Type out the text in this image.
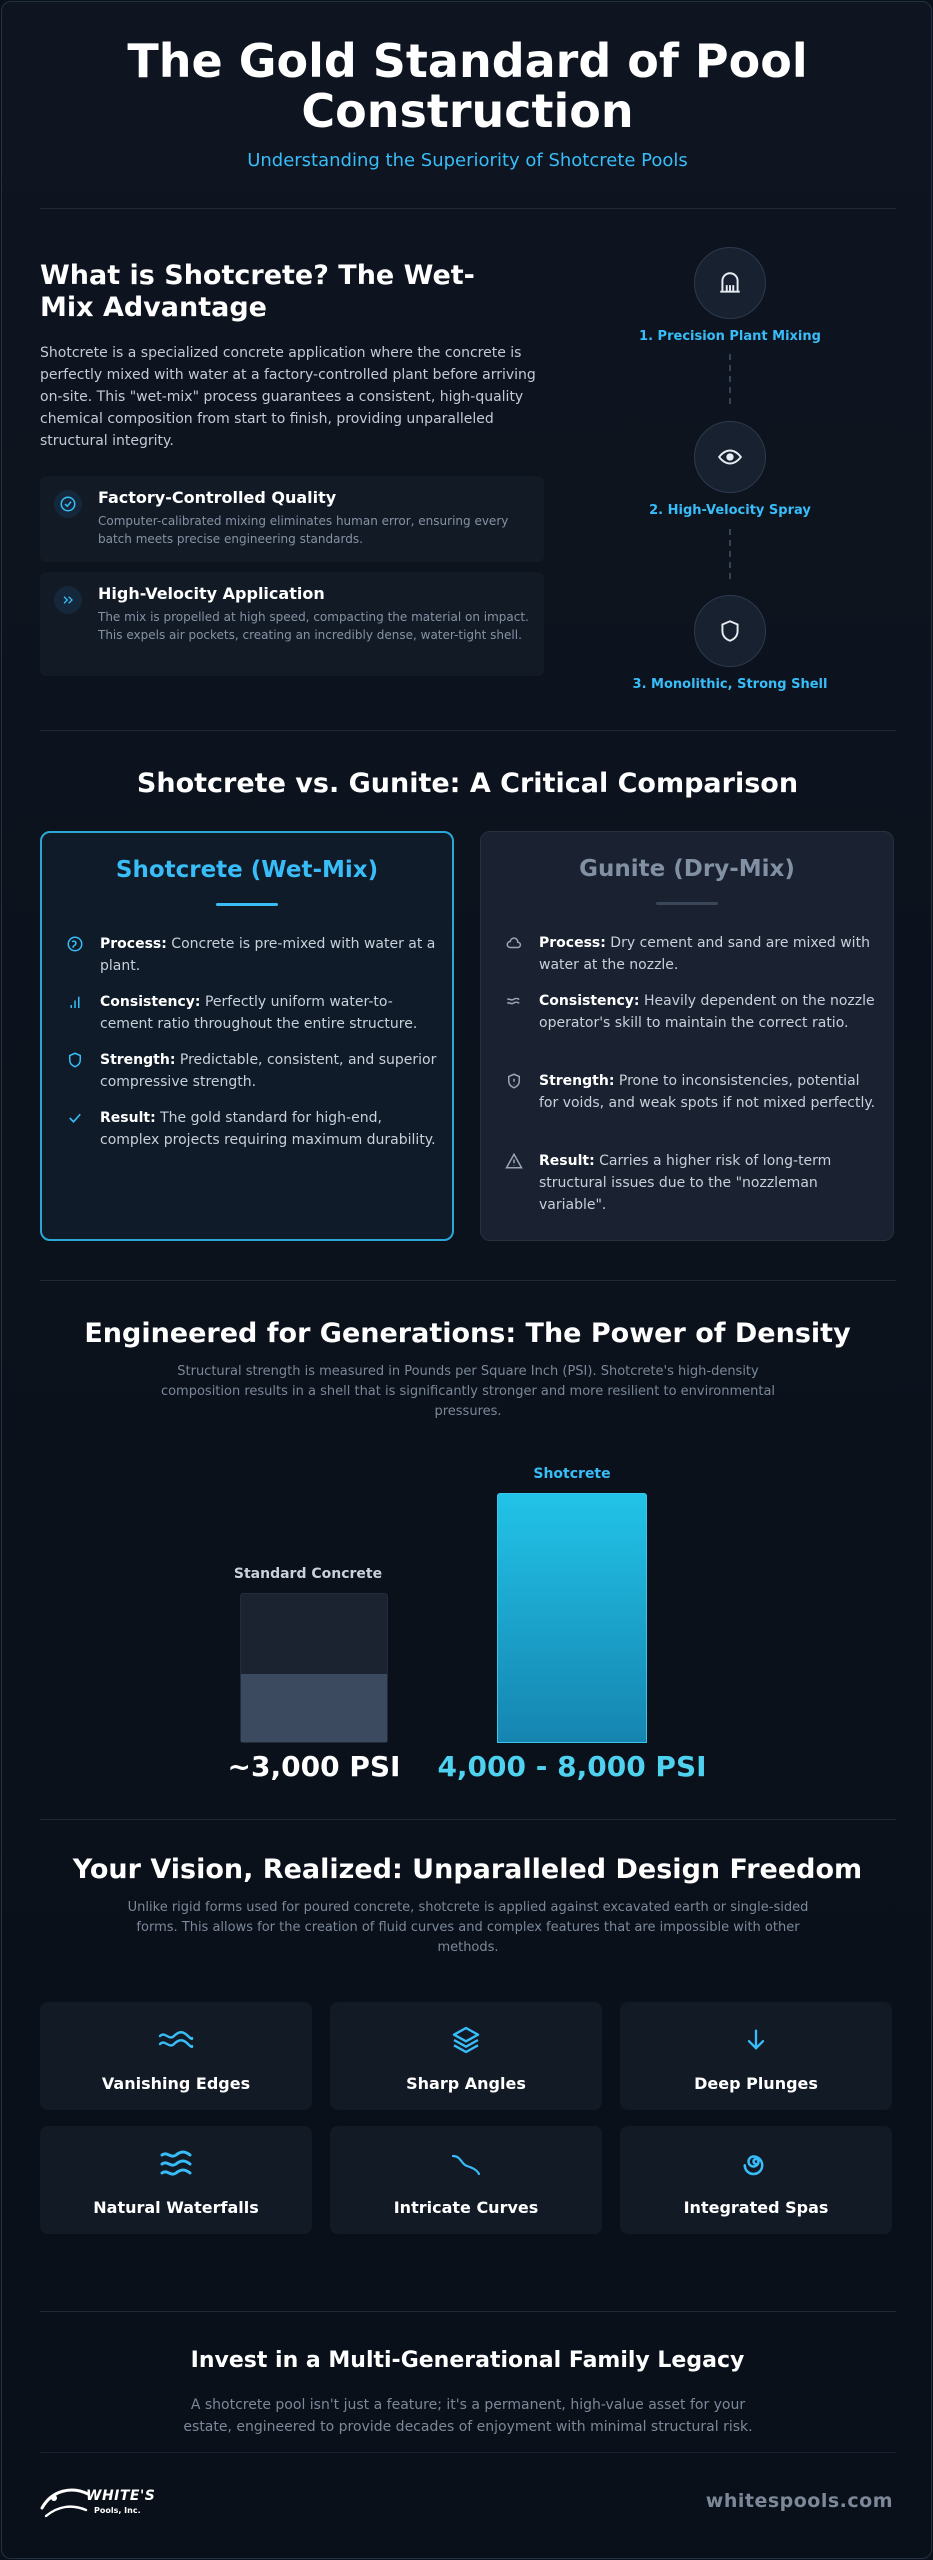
The Gold Standard of Pool
Construction
Understanding the Superiority of Shotcrete Pools
What is Shotcrete? The Wet-
Mix Advantage
Shotcrete is a specialized concrete application where the concrete is perfectly mixed with water at a factory-controlled plant before arriving on-site. This "wet-mix" process guarantees a consistent, high-quality chemical composition from start to finish, providing unparalleled structural integrity.
Factory-Controlled Quality
Computer-calibrated mixing eliminates human error, ensuring every batch meets precise engineering standards.
High-Velocity Application
The mix is propelled at high speed, compacting the material on impact. This expels air pockets, creating an incredibly dense, water-tight shell.
1. Precision Plant Mixing
2. High-Velocity Spray
3. Monolithic, Strong Shell
Shotcrete vs. Gunite: A Critical Comparison
Shotcrete (Wet-Mix)
Process: Concrete is pre-mixed with water at a plant.
Consistency: Perfectly uniform water-to-cement ratio throughout the entire structure.
Strength: Predictable, consistent, and superior compressive strength.
Result: The gold standard for high-end, complex projects requiring maximum durability.
Gunite (Dry-Mix)
Process: Dry cement and sand are mixed with water at the nozzle.
Consistency: Heavily dependent on the nozzle operator's skill to maintain the correct ratio.
Strength: Prone to inconsistencies, potential for voids, and weak spots if not mixed perfectly.
Result: Carries a higher risk of long-term structural issues due to the "nozzleman variable".
Engineered for Generations: The Power of Density
Structural strength is measured in Pounds per Square Inch (PSI). Shotcrete's high-density composition results in a shell that is significantly stronger and more resilient to environmental pressures.
Standard Concrete
~3,000 PSI
Shotcrete
4,000 - 8,000 PSI
Your Vision, Realized: Unparalleled Design Freedom
Unlike rigid forms used for poured concrete, shotcrete is applied against excavated earth or single-sided forms. This allows for the creation of fluid curves and complex features that are impossible with other methods.
Vanishing Edges	Sharp Angles	Deep Plunges
Natural Waterfalls	Intricate Curves	Integrated Spas
Invest in a Multi-Generational Family Legacy
A shotcrete pool isn't just a feature; it's a permanent, high-value asset for your estate, engineered to provide decades of enjoyment with minimal structural risk.
WHITE'S
Pools, Inc.	whitespools.com
